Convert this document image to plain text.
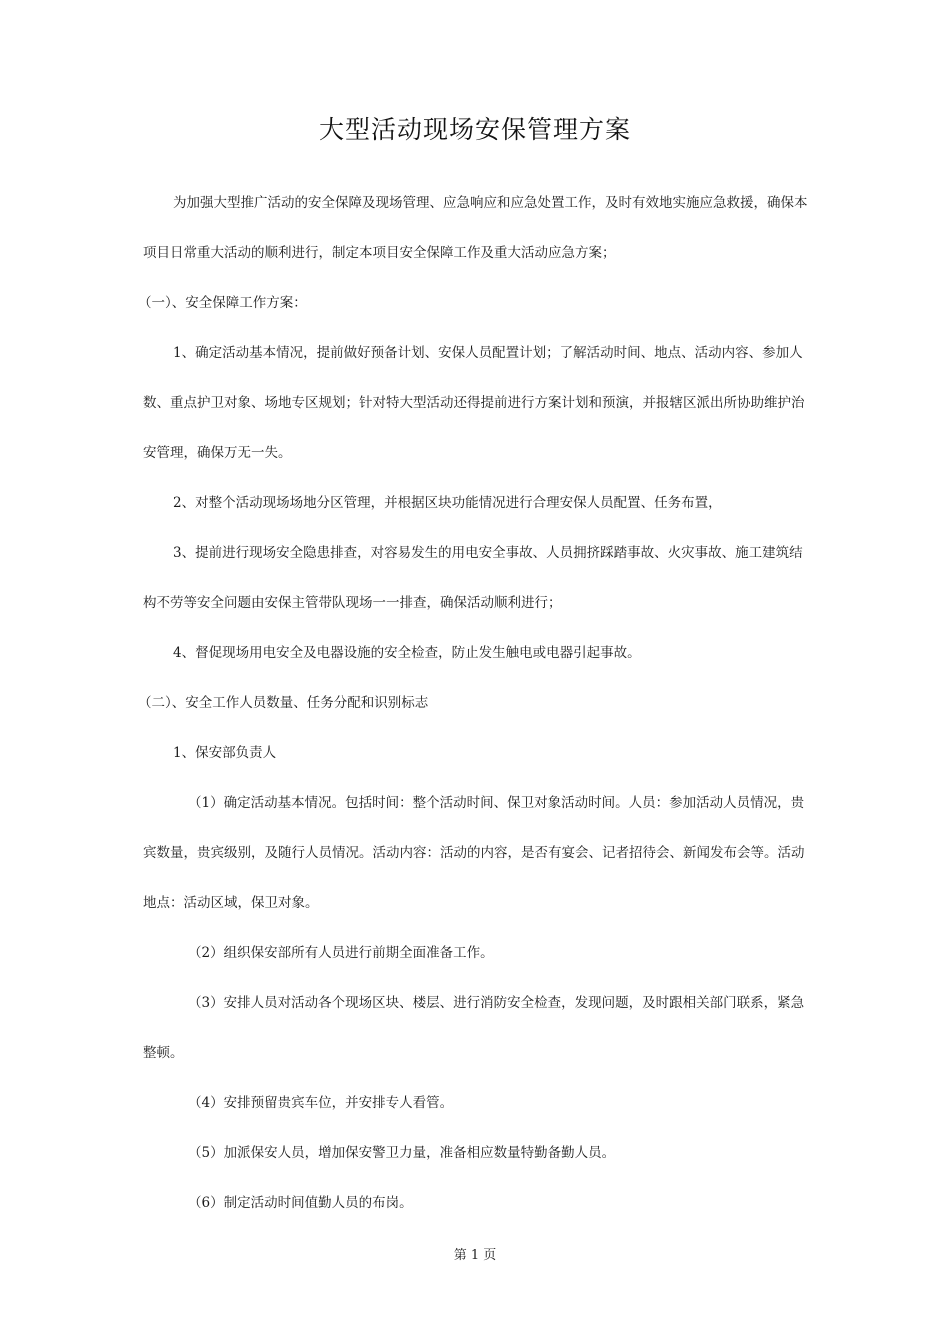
大型活动现场安保管理方案

为加强大型推广活动的安全保障及现场管理、应急响应和应急处置工作，及时有效地实施应急救援，确保本项目日常重大活动的顺利进行，制定本项目安全保障工作及重大活动应急方案；

（一）、安全保障工作方案：

1、确定活动基本情况，提前做好预备计划、安保人员配置计划；了解活动时间、地点、活动内容、参加人数、重点护卫对象、场地专区规划；针对特大型活动还得提前进行方案计划和预演，并报辖区派出所协助维护治安管理，确保万无一失。

2、对整个活动现场场地分区管理，并根据区块功能情况进行合理安保人员配置、任务布置，

3、提前进行现场安全隐患排查，对容易发生的用电安全事故、人员拥挤踩踏事故、火灾事故、施工建筑结构不劳等安全问题由安保主管带队现场一一排查，确保活动顺利进行；

4、督促现场用电安全及电器设施的安全检查，防止发生触电或电器引起事故。

（二）、安全工作人员数量、任务分配和识别标志

1、保安部负责人

（1）确定活动基本情况。包括时间：整个活动时间、保卫对象活动时间。人员：参加活动人员情况，贵宾数量，贵宾级别，及随行人员情况。活动内容：活动的内容，是否有宴会、记者招待会、新闻发布会等。活动地点：活动区域，保卫对象。

（2）组织保安部所有人员进行前期全面准备工作。

（3）安排人员对活动各个现场区块、楼层、进行消防安全检查，发现问题，及时跟相关部门联系，紧急整顿。

（4）安排预留贵宾车位，并安排专人看管。

（5）加派保安人员，增加保安警卫力量，准备相应数量特勤备勤人员。

（6）制定活动时间值勤人员的布岗。

第 1 页
